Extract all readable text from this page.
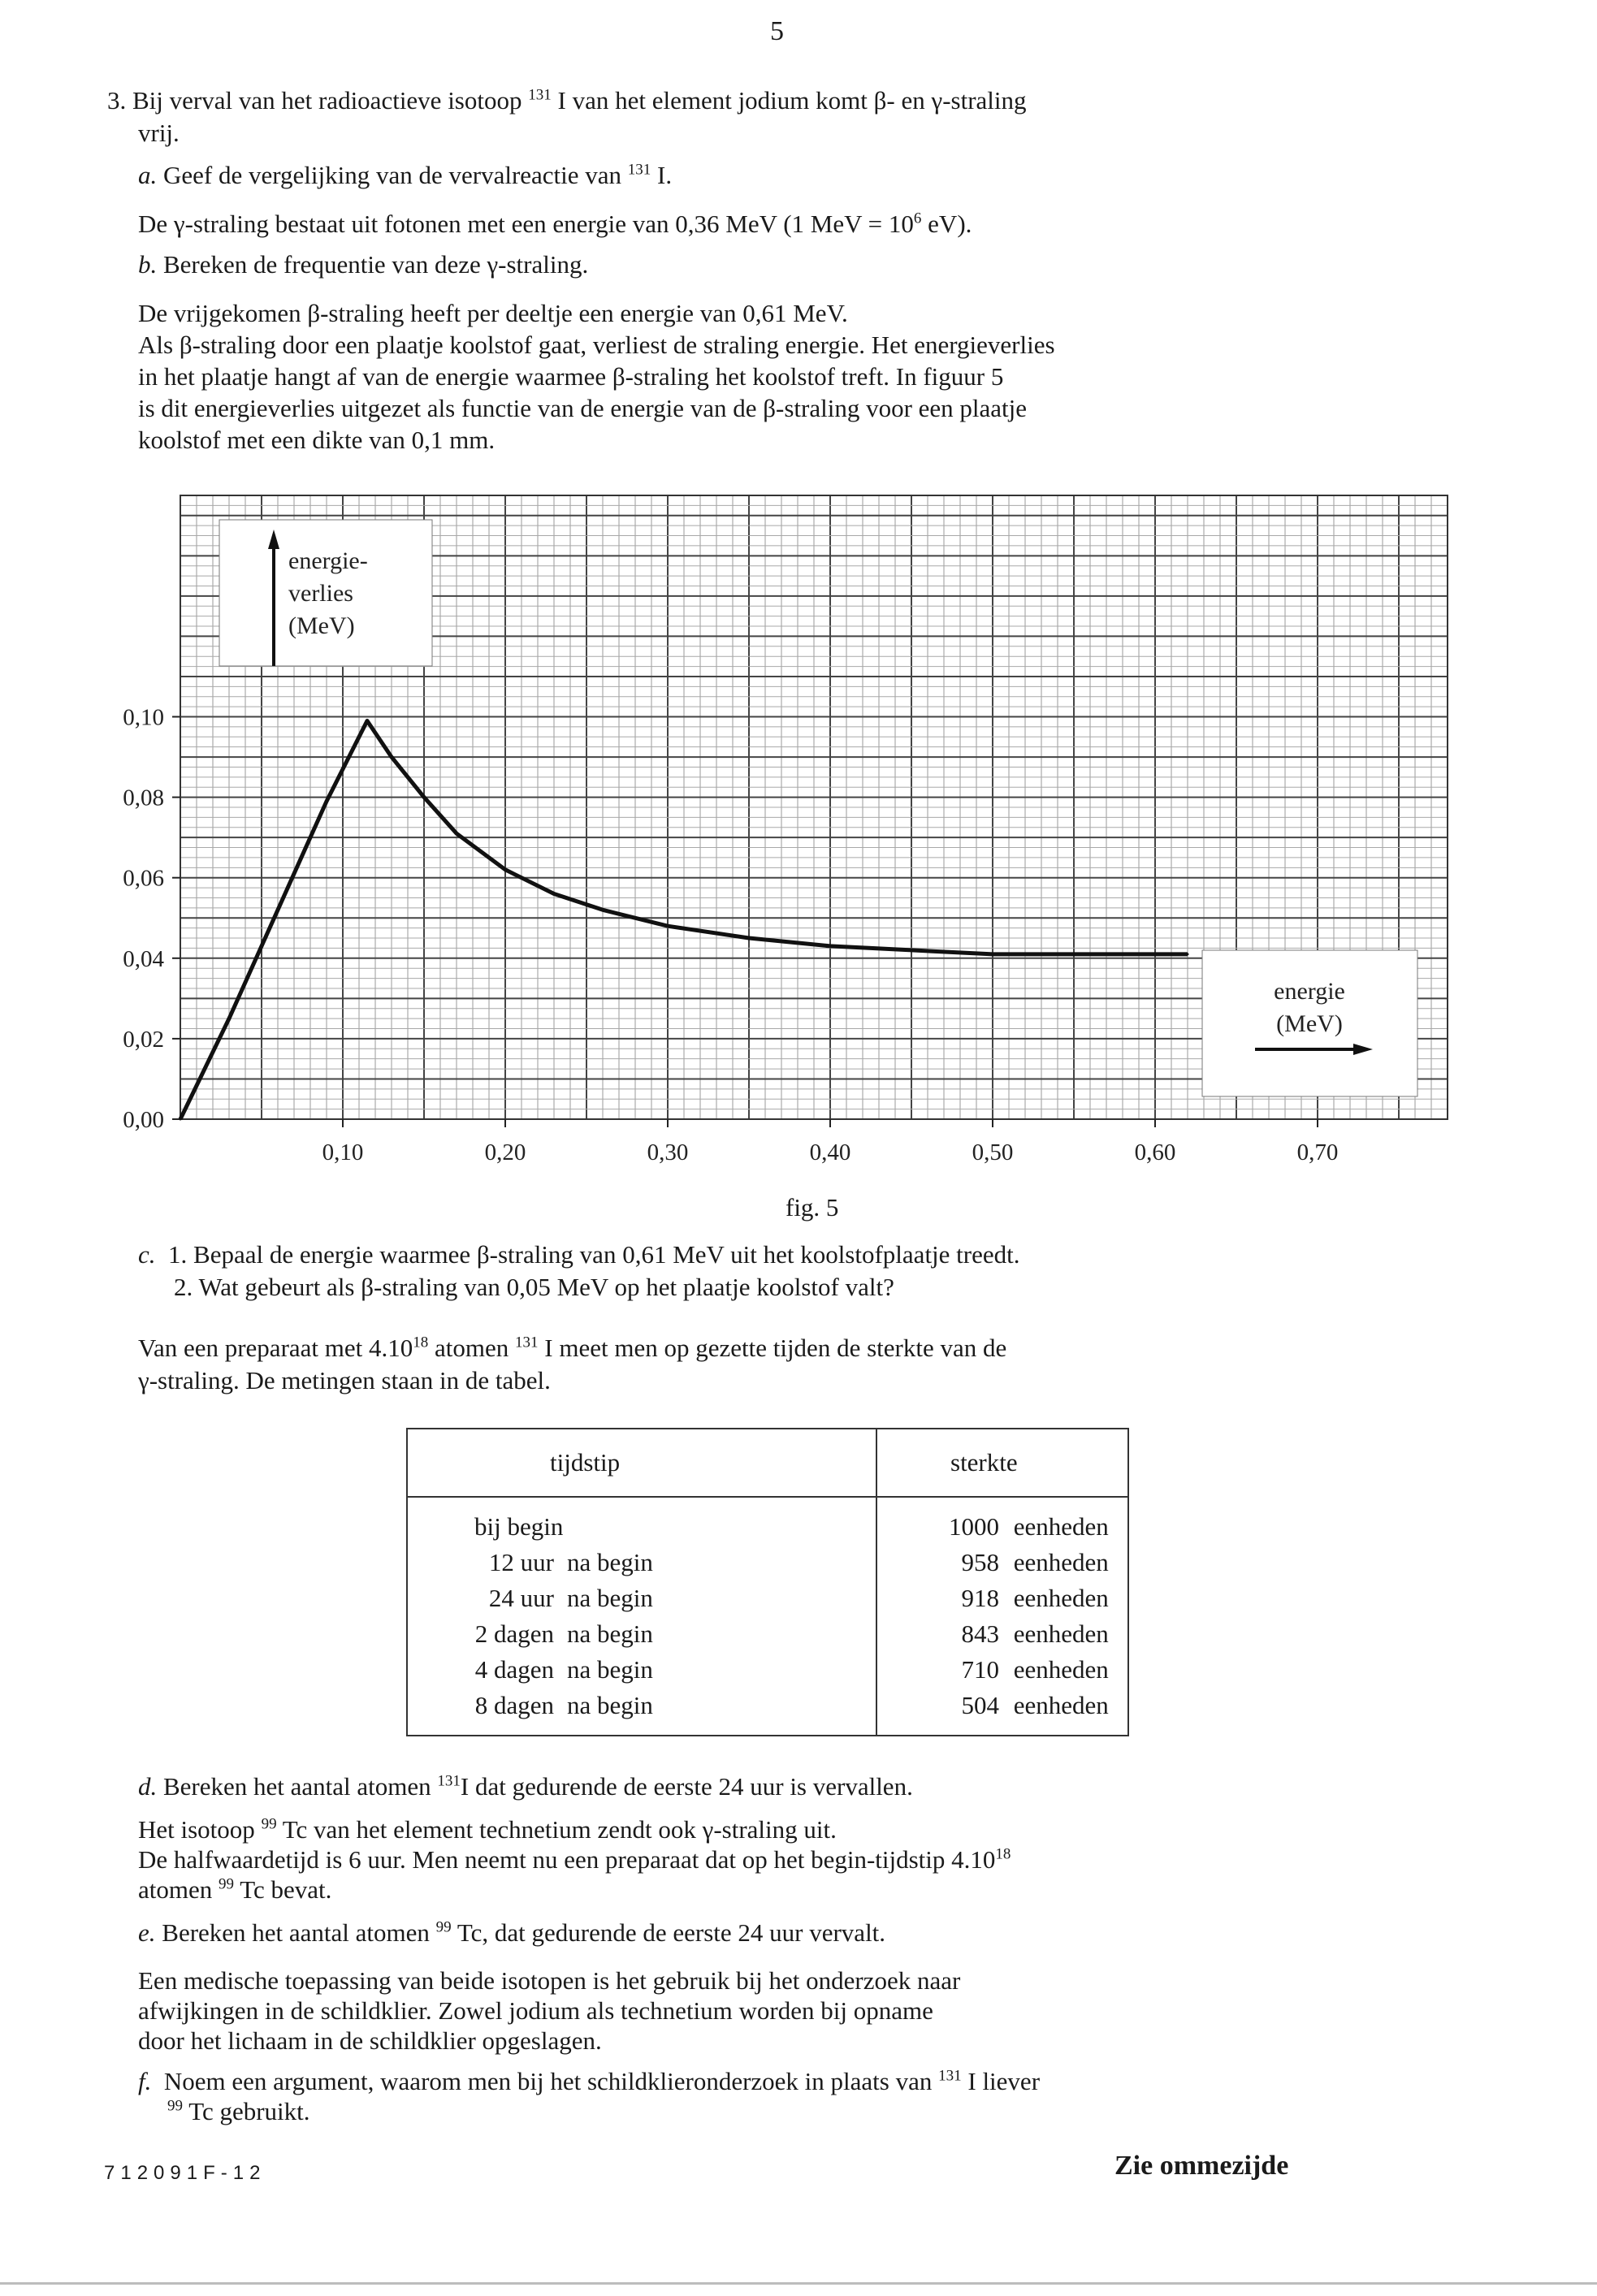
5

3. Bij verval van het radioactieve isotoop $^{131}$ I van het element jodium komt β- en γ-straling

vrij.

a. Geef de vergelijking van de vervalreactie van $^{131}$ I.

De γ-straling bestaat uit fotonen met een energie van 0,36 MeV (1 MeV = $10^6$ eV).

b. Bereken de frequentie van deze γ-straling.

De vrijgekomen β-straling heeft per deeltje een energie van 0,61 MeV.

Als β-straling door een plaatje koolstof gaat, verliest de straling energie. Het energieverlies

in het plaatje hangt af van de energie waarmee β-straling het koolstof treft. In figuur 5

is dit energieverlies uitgezet als functie van de energie van de β-straling voor een plaatje

koolstof met een dikte van 0,1 mm.

energie-
verlies
(MeV)
energie
(MeV)
0,00
0,02
0,04
0,06
0,08
0,10
0,10	0,20	0,30	0,40	0,50	0,60	0,70
fig. 5

c. 1. Bepaal de energie waarmee β-straling van 0,61 MeV uit het koolstofplaatje treedt.

2. Wat gebeurt als β-straling van 0,05 MeV op het plaatje koolstof valt?

Van een preparaat met 4.10$^{18}$ atomen $^{131}$ I meet men op gezette tijden de sterkte van de

γ-straling. De metingen staan in de tabel.

tijdstip	sterkte

bij begin	1000 eenheden

12 uur na begin	958 eenheden

24 uur na begin	918 eenheden

2 dagen na begin	843 eenheden

4 dagen na begin	710 eenheden

8 dagen na begin	504 eenheden

d. Bereken het aantal atomen $^{131}$I dat gedurende de eerste 24 uur is vervallen.

Het isotoop $^{99}$ Tc van het element technetium zendt ook γ-straling uit.

De halfwaardetijd is 6 uur. Men neemt nu een preparaat dat op het begin-tijdstip 4.10$^{18}$

atomen $^{99}$ Tc bevat.

e. Bereken het aantal atomen $^{99}$ Tc, dat gedurende de eerste 24 uur vervalt.

Een medische toepassing van beide isotopen is het gebruik bij het onderzoek naar

afwijkingen in de schildklier. Zowel jodium als technetium worden bij opname

door het lichaam in de schildklier opgeslagen.

f. Noem een argument, waarom men bij het schildklieronderzoek in plaats van $^{131}$ I liever

$^{99}$ Tc gebruikt.

712091F-12	Zie ommezijde
